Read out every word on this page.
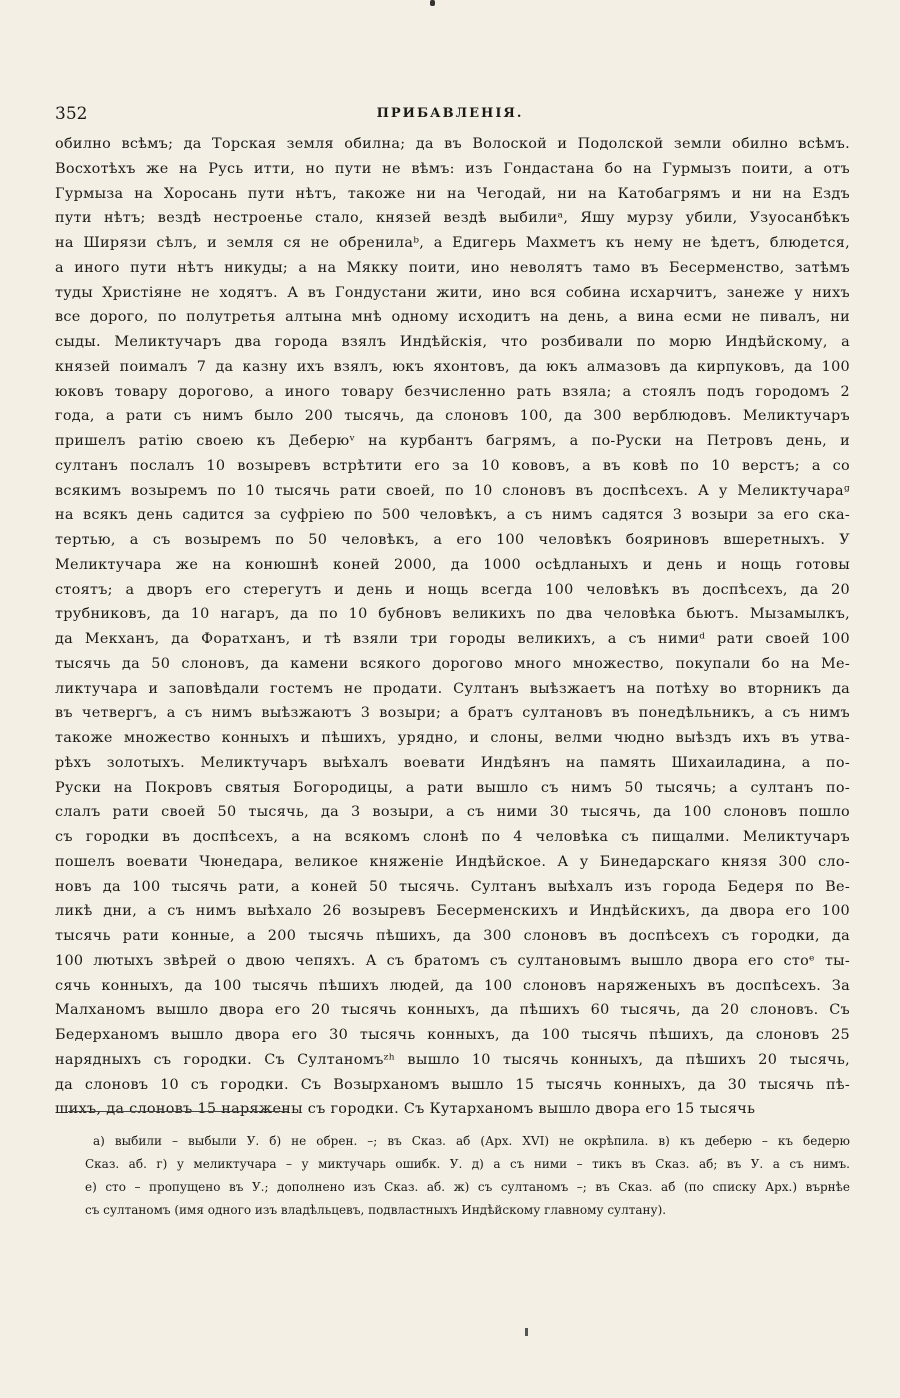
352	ПРИБАВЛЕНІЯ.
обилно всѣмъ; да Торская земля обилна; да въ Волоской и Подолской земли обилно всѣмъ.
Восхотѣхъ же на Русь итти, но пути не вѣмъ: изъ Гондастана бо на Гурмызъ поити, а отъ
Гурмыза на Хоросань пути нѣтъ, такоже ни на Чегодай, ни на Катобагрямъ и ни на Ездъ
пути нѣтъ; вездѣ нестроенье стало, князей вездѣ выбилиᵃ, Яшу мурзу убили, Узуосанбѣкъ
на Ширязи сѣлъ, и земля ся не обренилаᵇ, а Едигерь Махметъ къ нему не ѣдетъ, блюдется,
а иного пути нѣтъ никуды; а на Мякку поити, ино неволятъ тамо въ Бесерменство, затѣмъ
туды Христіяне не ходятъ. А въ Гондустани жити, ино вся собина исхарчитъ, занеже у нихъ
все дорого, по полутретья алтына мнѣ одному исходитъ на день, а вина есми не пивалъ, ни
сыды. Меликтучаръ два города взялъ Индѣйскія, что розбивали по морю Индѣйскому, а
князей поималъ 7 да казну ихъ взялъ, юкъ яхонтовъ, да юкъ алмазовъ да кирпуковъ, да 100
юковъ товару дорогово, а иного товару безчисленно рать взяла; а стоялъ подъ городомъ 2
года, а рати съ нимъ было 200 тысячь, да слоновъ 100, да 300 верблюдовъ. Меликтучаръ
пришелъ ратію своею къ Деберюᵛ на курбантъ багрямъ, а по-Руски на Петровъ день, и
султанъ послалъ 10 возыревъ встрѣтити его за 10 кововъ, а въ ковѣ по 10 верстъ; а со
всякимъ возыремъ по 10 тысячь рати своей, по 10 слоновъ въ доспѣсехъ. А у Меликтучараᵍ
на всякъ день садится за суфріею по 500 человѣкъ, а съ нимъ садятся 3 возыри за его ска-
тертью, а съ возыремъ по 50 человѣкъ, а его 100 человѣкъ бояриновъ вшеретныхъ. У
Меликтучара же на конюшнѣ коней 2000, да 1000 осѣдланыхъ и день и нощь готовы
стоятъ; а дворъ его стерегутъ и день и нощь всегда 100 человѣкъ въ доспѣсехъ, да 20
трубниковъ, да 10 нагаръ, да по 10 бубновъ великихъ по два человѣка бьютъ. Мызамылкъ,
да Мекханъ, да Форатханъ, и тѣ взяли три городы великихъ, а съ нимиᵈ рати своей 100
тысячь да 50 слоновъ, да камени всякого дорогово много множество, покупали бо на Ме-
ликтучара и заповѣдали гостемъ не продати. Султанъ выѣзжаетъ на потѣху во вторникъ да
въ четвергъ, а съ нимъ выѣзжаютъ 3 возыри; а братъ султановъ въ понедѣльникъ, а съ нимъ
такоже множество конныхъ и пѣшихъ, урядно, и слоны, велми чюдно выѣздъ ихъ въ утва-
рѣхъ золотыхъ. Меликтучаръ выѣхалъ воевати Индѣянъ на память Шихаиладина, а по-
Руски на Покровъ святыя Богородицы, а рати вышло съ нимъ 50 тысячь; а султанъ по-
слалъ рати своей 50 тысячь, да 3 возыри, а съ ними 30 тысячь, да 100 слоновъ пошло
съ городки въ доспѣсехъ, а на всякомъ слонѣ по 4 человѣка съ пищалми. Меликтучаръ
пошелъ воевати Чюнедара, великое княженіе Индѣйское. А у Бинедарскаго князя 300 сло-
новъ да 100 тысячь рати, а коней 50 тысячь. Султанъ выѣхалъ изъ города Бедеря по Ве-
ликѣ дни, а съ нимъ выѣхало 26 возыревъ Бесерменскихъ и Индѣйскихъ, да двора его 100
тысячь рати конные, а 200 тысячь пѣшихъ, да 300 слоновъ въ доспѣсехъ съ городки, да
100 лютыхъ звѣрей о двою чепяхъ. А съ братомъ съ султановымъ вышло двора его стоᵉ ты-
сячь конныхъ, да 100 тысячь пѣшихъ людей, да 100 слоновъ наряженыхъ въ доспѣсехъ. За
Малханомъ вышло двора его 20 тысячь конныхъ, да пѣшихъ 60 тысячь, да 20 слоновъ. Съ
Бедерханомъ вышло двора его 30 тысячь конныхъ, да 100 тысячь пѣшихъ, да слоновъ 25
нарядныхъ съ городки. Съ Султаномъᶻʰ вышло 10 тысячь конныхъ, да пѣшихъ 20 тысячь,
да слоновъ 10 съ городки. Съ Возырханомъ вышло 15 тысячь конныхъ, да 30 тысячь пѣ-
шихъ, да слоновъ 15 наряжены съ городки. Съ Кутарханомъ вышло двора его 15 тысячь
а) выбили – выбыли У. б) не обрен. –; въ Сказ. аб (Арх. XVI) не окрѣпила. в) къ деберю – къ бедерю
Сказ. аб. г) у меликтучара – у миктучарь ошибк. У. д) а съ ними – тикъ въ Сказ. аб; въ У. а съ нимъ.
е) сто – пропущено въ У.; дополнено изъ Сказ. аб. ж) съ султаномъ –; въ Сказ. аб (по списку Арх.) върнѣе
съ султаномъ (имя одного изъ владѣльцевъ, подвластныхъ Индѣйскому главному султану).
